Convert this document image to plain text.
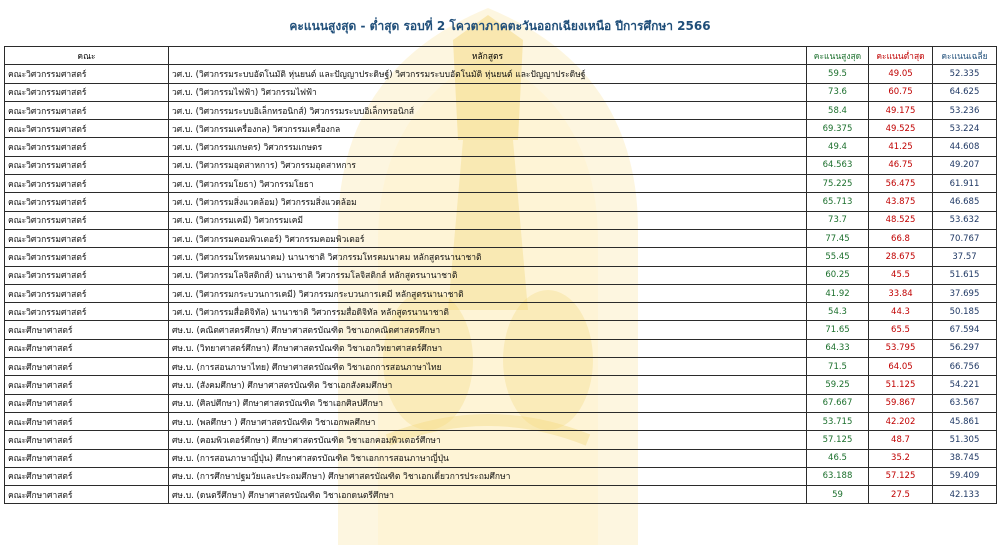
คะแนนสูงสุด - ต่ำสุด รอบที่ 2 โควตาภาคตะวันออกเฉียงเหนือ ปีการศึกษา 2566
คณะ	หลักสูตร	คะแนนสูงสุด	คะแนนต่ำสุด	คะแนนเฉลี่ย
คณะวิศวกรรมศาสตร์	วศ.บ. (วิศวกรรมระบบอัตโนมัติ หุ่นยนต์ และปัญญาประดิษฐ์) วิศวกรรมระบบอัตโนมัติ หุ่นยนต์ และปัญญาประดิษฐ์	59.5	49.05	52.335
คณะวิศวกรรมศาสตร์	วศ.บ. (วิศวกรรมไฟฟ้า) วิศวกรรมไฟฟ้า	73.6	60.75	64.625
คณะวิศวกรรมศาสตร์	วศ.บ. (วิศวกรรมระบบอิเล็กทรอนิกส์) วิศวกรรมระบบอิเล็กทรอนิกส์	58.4	49.175	53.236
คณะวิศวกรรมศาสตร์	วศ.บ. (วิศวกรรมเครื่องกล) วิศวกรรมเครื่องกล	69.375	49.525	53.224
คณะวิศวกรรมศาสตร์	วศ.บ. (วิศวกรรมเกษตร) วิศวกรรมเกษตร	49.4	41.25	44.608
คณะวิศวกรรมศาสตร์	วศ.บ. (วิศวกรรมอุตสาหการ) วิศวกรรมอุตสาหการ	64.563	46.75	49.207
คณะวิศวกรรมศาสตร์	วศ.บ. (วิศวกรรมโยธา) วิศวกรรมโยธา	75.225	56.475	61.911
คณะวิศวกรรมศาสตร์	วศ.บ. (วิศวกรรมสิ่งแวดล้อม) วิศวกรรมสิ่งแวดล้อม	65.713	43.875	46.685
คณะวิศวกรรมศาสตร์	วศ.บ. (วิศวกรรมเคมี) วิศวกรรมเคมี	73.7	48.525	53.632
คณะวิศวกรรมศาสตร์	วศ.บ. (วิศวกรรมคอมพิวเตอร์) วิศวกรรมคอมพิวเตอร์	77.45	66.8	70.767
คณะวิศวกรรมศาสตร์	วศ.บ. (วิศวกรรมโทรคมนาคม) นานาชาติ วิศวกรรมโทรคมนาคม หลักสูตรนานาชาติ	55.45	28.675	37.57
คณะวิศวกรรมศาสตร์	วศ.บ. (วิศวกรรมโลจิสติกส์) นานาชาติ วิศวกรรมโลจิสติกส์ หลักสูตรนานาชาติ	60.25	45.5	51.615
คณะวิศวกรรมศาสตร์	วศ.บ. (วิศวกรรมกระบวนการเคมี) วิศวกรรมกระบวนการเคมี หลักสูตรนานาชาติ	41.92	33.84	37.695
คณะวิศวกรรมศาสตร์	วศ.บ. (วิศวกรรมสื่อดิจิทัล) นานาชาติ วิศวกรรมสื่อดิจิทัล หลักสูตรนานาชาติ	54.3	44.3	50.185
คณะศึกษาศาสตร์	ศษ.บ. (คณิตศาสตรศึกษา) ศึกษาศาสตรบัณฑิต วิชาเอกคณิตศาสตรศึกษา	71.65	65.5	67.594
คณะศึกษาศาสตร์	ศษ.บ. (วิทยาศาสตร์ศึกษา) ศึกษาศาสตรบัณฑิต วิชาเอกวิทยาศาสตร์ศึกษา	64.33	53.795	56.297
คณะศึกษาศาสตร์	ศษ.บ. (การสอนภาษาไทย) ศึกษาศาสตรบัณฑิต วิชาเอกการสอนภาษาไทย	71.5	64.05	66.756
คณะศึกษาศาสตร์	ศษ.บ. (สังคมศึกษา) ศึกษาศาสตรบัณฑิต วิชาเอกสังคมศึกษา	59.25	51.125	54.221
คณะศึกษาศาสตร์	ศษ.บ. (ศิลปศึกษา) ศึกษาศาสตรบัณฑิต วิชาเอกศิลปศึกษา	67.667	59.867	63.567
คณะศึกษาศาสตร์	ศษ.บ. (พลศึกษา ) ศึกษาศาสตรบัณฑิต วิชาเอกพลศึกษา	53.715	42.202	45.861
คณะศึกษาศาสตร์	ศษ.บ. (คอมพิวเตอร์ศึกษา) ศึกษาศาสตรบัณฑิต วิชาเอกคอมพิวเตอร์ศึกษา	57.125	48.7	51.305
คณะศึกษาศาสตร์	ศษ.บ. (การสอนภาษาญี่ปุ่น) ศึกษาศาสตรบัณฑิต วิชาเอกการสอนภาษาญี่ปุ่น	46.5	35.2	38.745
คณะศึกษาศาสตร์	ศษ.บ. (การศึกษาปฐมวัยและประถมศึกษา) ศึกษาศาสตรบัณฑิต วิชาเอกเดี่ยวการประถมศึกษา	63.188	57.125	59.409
คณะศึกษาศาสตร์	ศษ.บ. (ดนตรีศึกษา) ศึกษาศาสตรบัณฑิต วิชาเอกดนตรีศึกษา	59	27.5	42.133
